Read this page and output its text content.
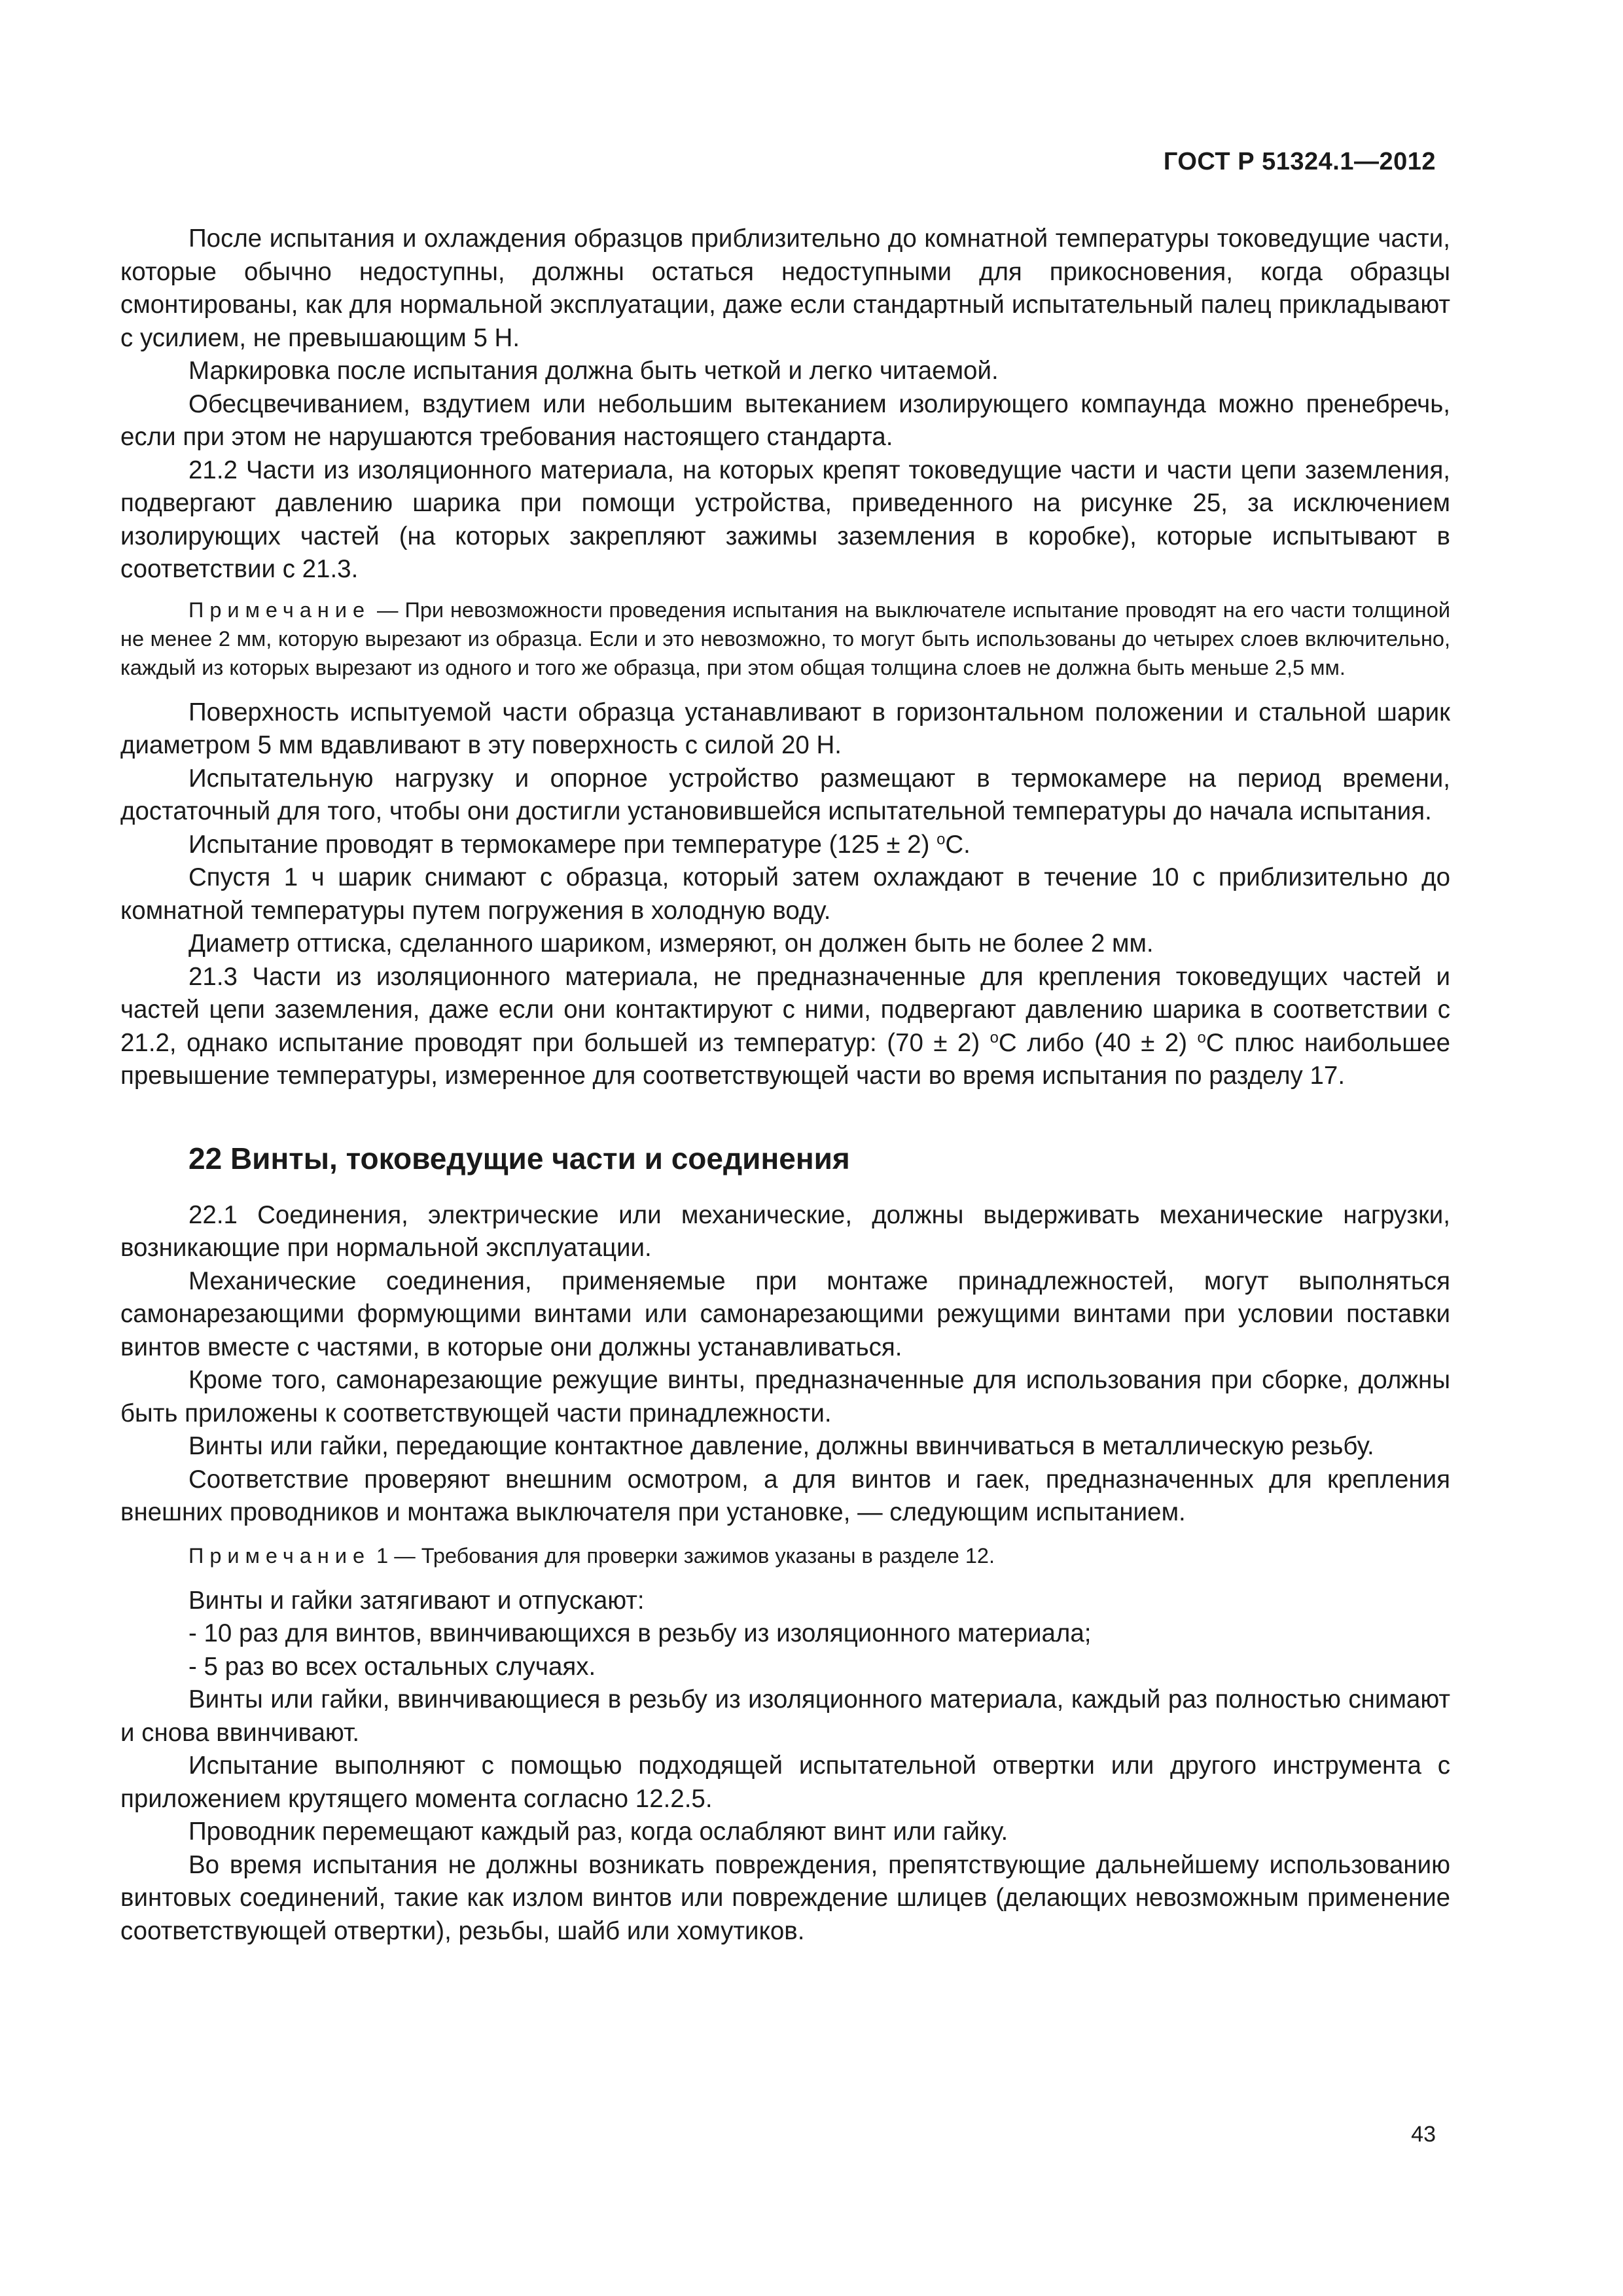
ГОСТ Р 51324.1—2012

После испытания и охлаждения образцов приблизительно до комнатной температуры токоведущие части, которые обычно недоступны, должны остаться недоступными для прикосновения, когда образцы смонтированы, как для нормальной эксплуатации, даже если стандартный испытательный палец прикладывают с усилием, не превышающим 5 Н.

Маркировка после испытания должна быть четкой и легко читаемой.

Обесцвечиванием, вздутием или небольшим вытеканием изолирующего компаунда можно пренебречь, если при этом не нарушаются требования настоящего стандарта.

21.2 Части из изоляционного материала, на которых крепят токоведущие части и части цепи заземления, подвергают давлению шарика при помощи устройства, приведенного на рисунке 25, за исключением изолирующих частей (на которых закрепляют зажимы заземления в коробке), которые испытывают в соответствии с 21.3.

Примечание — При невозможности проведения испытания на выключателе испытание проводят на его части толщиной не менее 2 мм, которую вырезают из образца. Если и это невозможно, то могут быть использованы до четырех слоев включительно, каждый из которых вырезают из одного и того же образца, при этом общая толщина слоев не должна быть меньше 2,5 мм.

Поверхность испытуемой части образца устанавливают в горизонтальном положении и стальной шарик диаметром 5 мм вдавливают в эту поверхность с силой 20 Н.

Испытательную нагрузку и опорное устройство размещают в термокамере на период времени, достаточный для того, чтобы они достигли установившейся испытательной температуры до начала испытания.

Испытание проводят в термокамере при температуре (125 ± 2) $^о$С.

Спустя 1 ч шарик снимают с образца, который затем охлаждают в течение 10 с приблизительно до комнатной температуры путем погружения в холодную воду.

Диаметр оттиска, сделанного шариком, измеряют, он должен быть не более 2 мм.

21.3 Части из изоляционного материала, не предназначенные для крепления токоведущих частей и частей цепи заземления, даже если они контактируют с ними, подвергают давлению шарика в соответствии с 21.2, однако испытание проводят при большей из температур: (70 ± 2) $^о$С либо (40 ± 2) $^о$С плюс наибольшее превышение температуры, измеренное для соответствующей части во время испытания по разделу 17.

22 Винты, токоведущие части и соединения

22.1 Соединения, электрические или механические, должны выдерживать механические нагрузки, возникающие при нормальной эксплуатации.

Механические соединения, применяемые при монтаже принадлежностей, могут выполняться самонарезающими формующими винтами или самонарезающими режущими винтами при условии поставки винтов вместе с частями, в которые они должны устанавливаться.

Кроме того, самонарезающие режущие винты, предназначенные для использования при сборке, должны быть приложены к соответствующей части принадлежности.

Винты или гайки, передающие контактное давление, должны ввинчиваться в металлическую резьбу.

Соответствие проверяют внешним осмотром, а для винтов и гаек, предназначенных для крепления внешних проводников и монтажа выключателя при установке, — следующим испытанием.

Примечание 1 — Требования для проверки зажимов указаны в разделе 12.

Винты и гайки затягивают и отпускают:

- 10 раз для винтов, ввинчивающихся в резьбу из изоляционного материала;

- 5 раз во всех остальных случаях.

Винты или гайки, ввинчивающиеся в резьбу из изоляционного материала, каждый раз полностью снимают и снова ввинчивают.

Испытание выполняют с помощью подходящей испытательной отвертки или другого инструмента с приложением крутящего момента согласно 12.2.5.

Проводник перемещают каждый раз, когда ослабляют винт или гайку.

Во время испытания не должны возникать повреждения, препятствующие дальнейшему использованию винтовых соединений, такие как излом винтов или повреждение шлицев (делающих невозможным применение соответствующей отвертки), резьбы, шайб или хомутиков.

43
